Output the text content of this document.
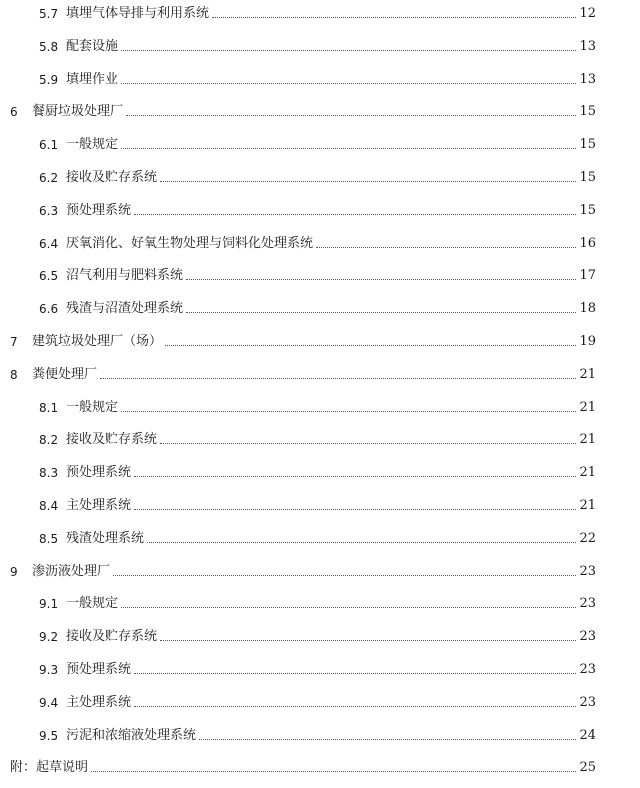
5.7 填埋气体导排与利用系统	12
5.8 配套设施	13
5.9 填埋作业	13
6	餐厨垃圾处理厂	15
6.1 一般规定	15
6.2 接收及贮存系统	15
6.3 预处理系统	15
6.4 厌氧消化、好氧生物处理与饲料化处理系统	16
6.5 沼气利用与肥料系统	17
6.6 残渣与沼渣处理系统	18
7	建筑垃圾处理厂（场）	19
8	粪便处理厂	21
8.1 一般规定	21
8.2 接收及贮存系统	21
8.3 预处理系统	21
8.4 主处理系统	21
8.5 残渣处理系统	22
9	渗沥液处理厂	23
9.1 一般规定	23
9.2 接收及贮存系统	23
9.3 预处理系统	23
9.4 主处理系统	23
9.5 污泥和浓缩液处理系统	24
附：起草说明	25
